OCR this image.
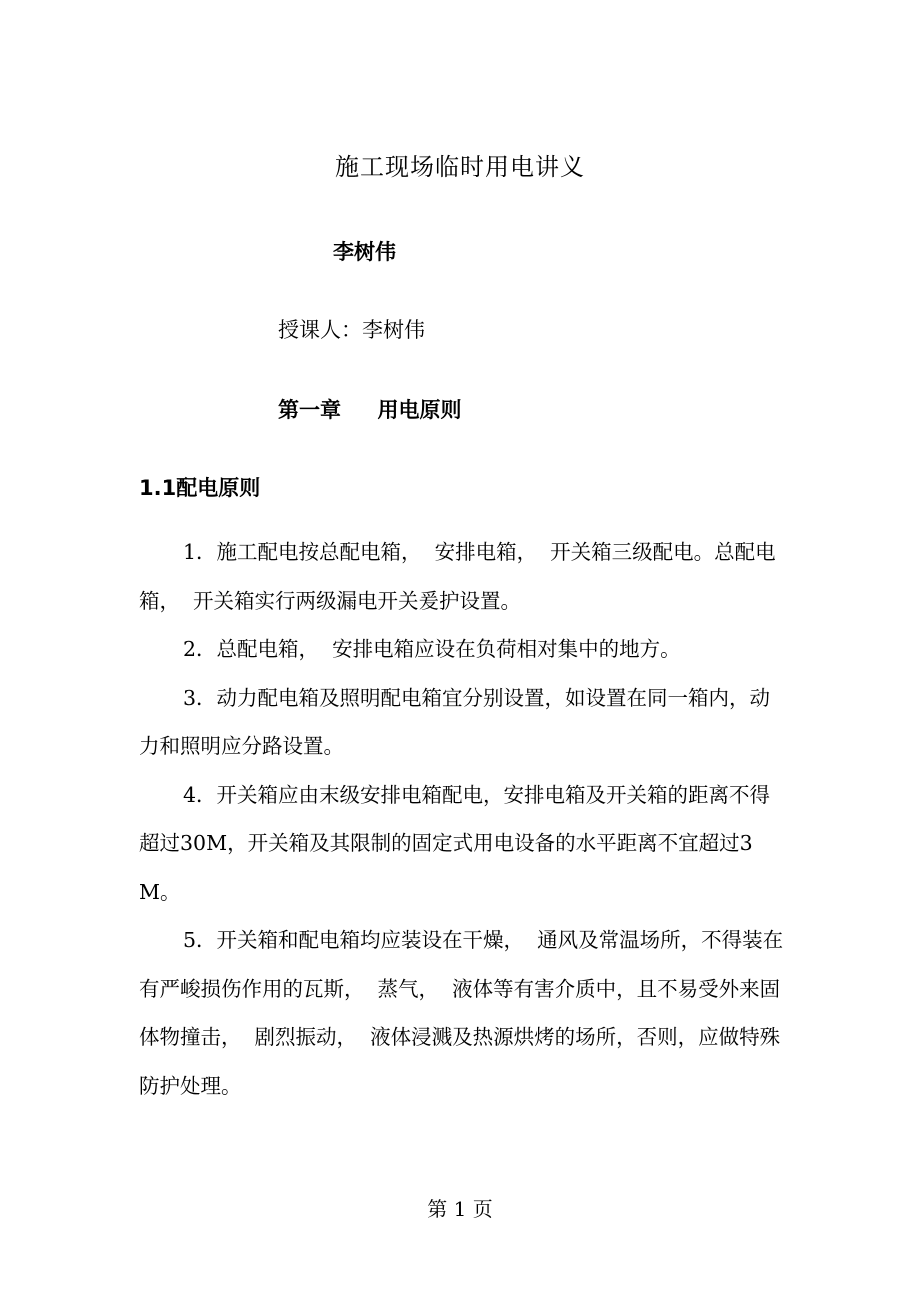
施工现场临时用电讲义
李树伟
授课人：李树伟
第一章     用电原则
1.1配电原则

1．施工配电按总配电箱，  安排电箱，  开关箱三级配电。总配电箱，  开关箱实行两级漏电开关爰护设置。

2．总配电箱，  安排电箱应设在负荷相对集中的地方。

3．动力配电箱及照明配电箱宜分别设置，如设置在同一箱内，动力和照明应分路设置。

4．开关箱应由末级安排电箱配电，安排电箱及开关箱的距离不得超过30M，开关箱及其限制的固定式用电设备的水平距离不宜超过3M。

5．开关箱和配电箱均应装设在干燥，  通风及常温场所，不得装在有严峻损伤作用的瓦斯，  蒸气，  液体等有害介质中，且不易受外来固体物撞击，  剧烈振动，  液体浸溅及热源烘烤的场所，否则，应做特殊防护处理。

第 1 页
